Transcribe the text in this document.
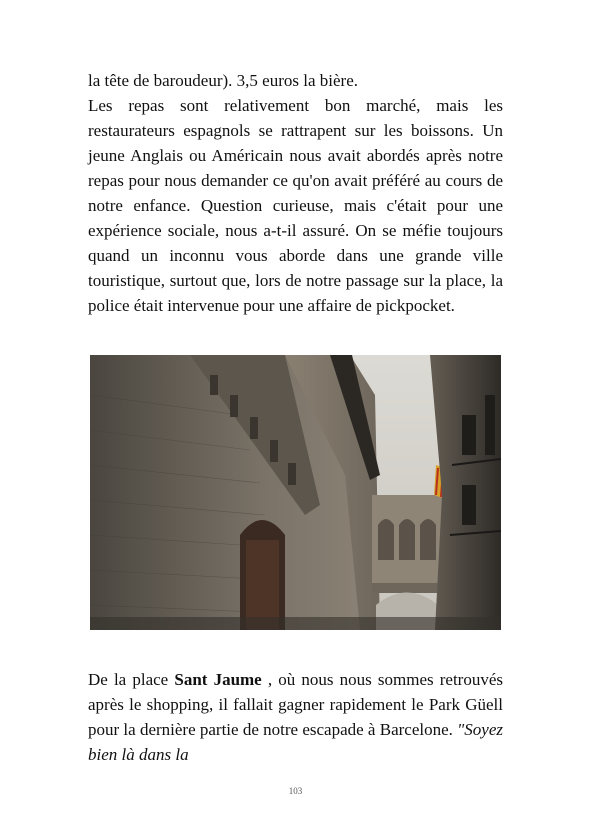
la tête de baroudeur). 3,5 euros la bière.

Les repas sont relativement bon marché, mais les restaurateurs espagnols se rattrapent sur les boissons. Un jeune Anglais ou Américain nous avait abordés après notre repas pour nous demander ce qu'on avait préféré au cours de notre enfance. Question curieuse, mais c'était pour une expérience sociale, nous a-t-il assuré. On se méfie toujours quand un inconnu vous aborde dans une grande ville touristique, surtout que, lors de notre passage sur la place, la police était intervenue pour une affaire de pickpocket.

De la place Sant Jaume , où nous nous sommes retrouvés après le shopping, il fallait gagner rapidement le Park Güell pour la dernière partie de notre escapade à Barcelone. "Soyez bien là dans la

103
